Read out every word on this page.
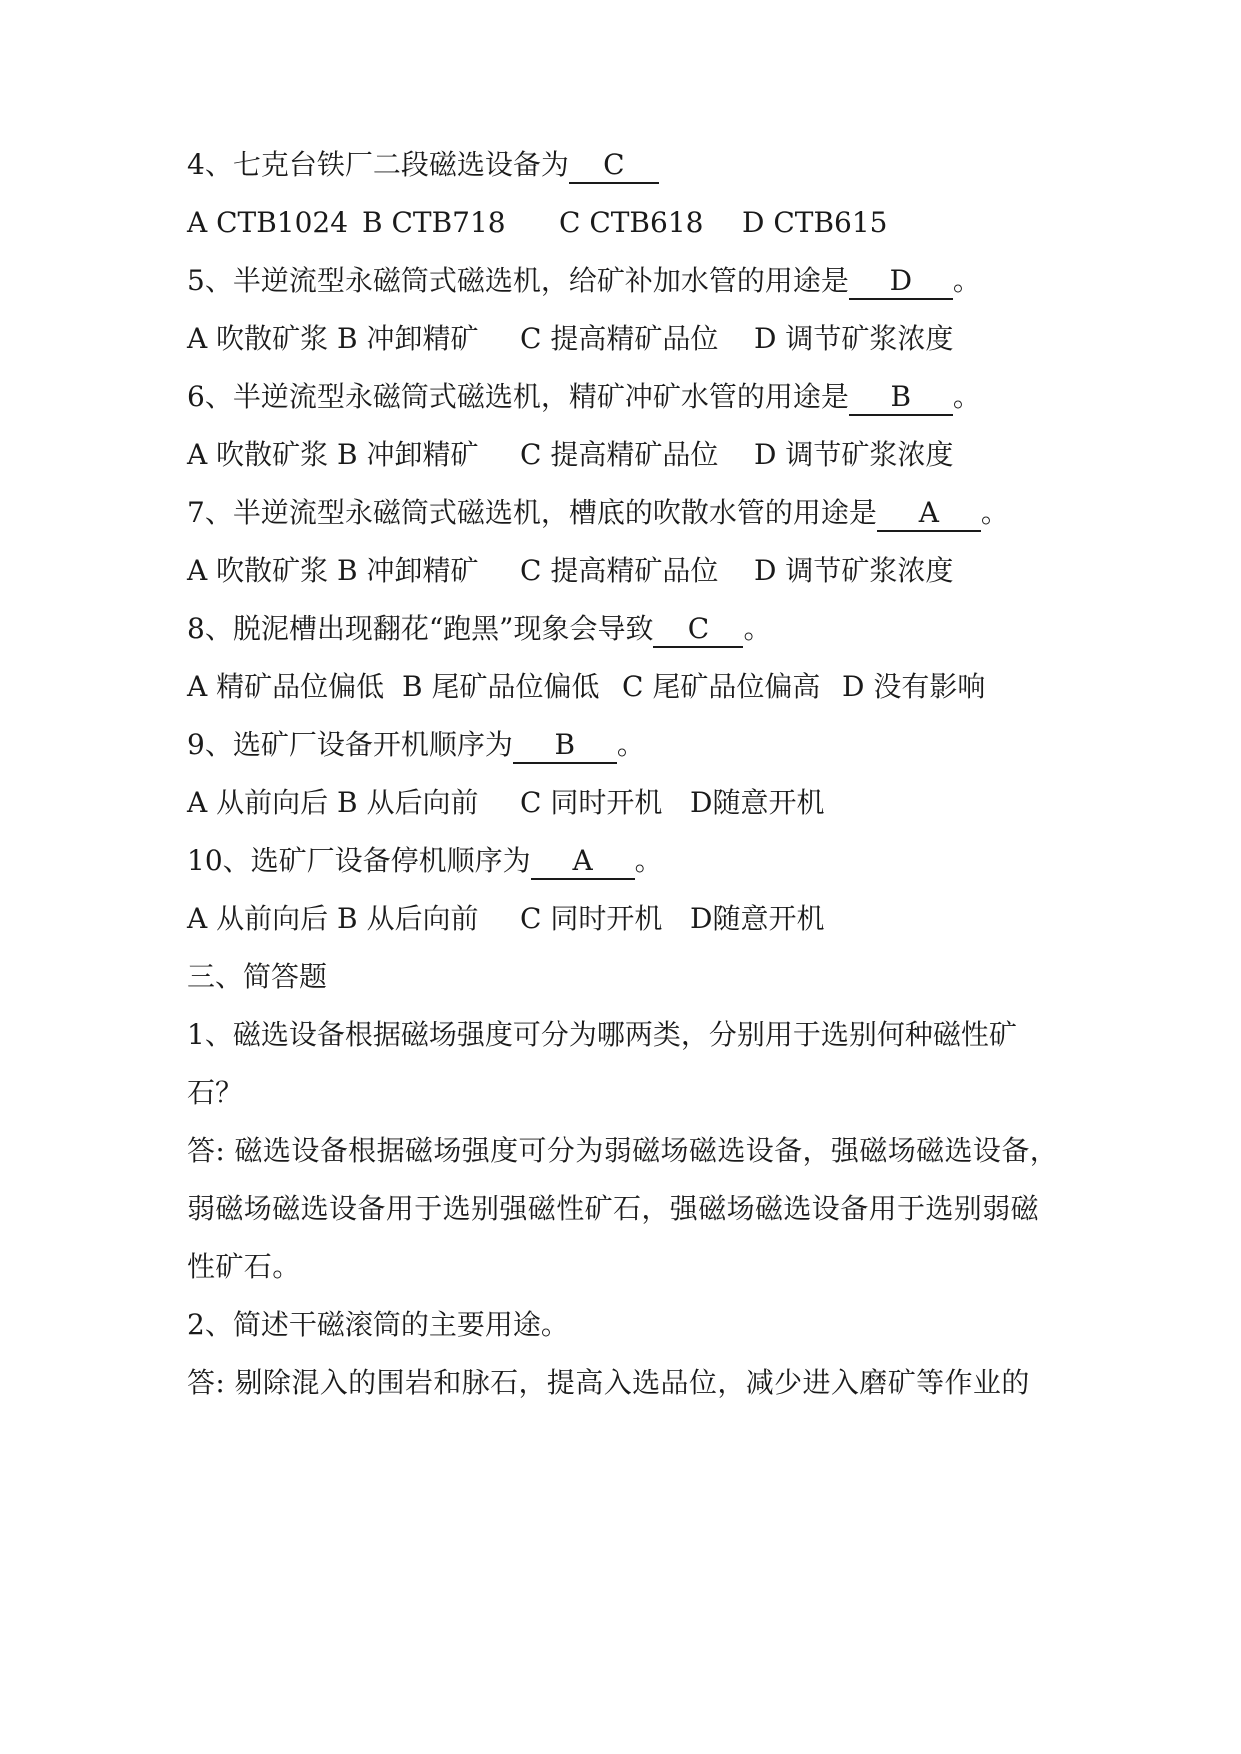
4、七克台铁厂二段磁选设备为 C
A CTB1024 B CTB718 C CTB618 D CTB615
5、半逆流型永磁筒式磁选机，给矿补加水管的用途是 D 。
A 吹散矿浆 B 冲卸精矿 C 提高精矿品位 D 调节矿浆浓度
6、半逆流型永磁筒式磁选机，精矿冲矿水管的用途是 B 。
A 吹散矿浆 B 冲卸精矿 C 提高精矿品位 D 调节矿浆浓度
7、半逆流型永磁筒式磁选机，槽底的吹散水管的用途是 A 。
A 吹散矿浆 B 冲卸精矿 C 提高精矿品位 D 调节矿浆浓度
8、脱泥槽出现翻花“跑黑”现象会导致 C 。
A 精矿品位偏低 B 尾矿品位偏低 C 尾矿品位偏高 D 没有影响
9、选矿厂设备开机顺序为 B 。
A 从前向后 B 从后向前 C 同时开机 D随意开机
10、选矿厂设备停机顺序为 A 。
A 从前向后 B 从后向前 C 同时开机 D随意开机
三、简答题
1、磁选设备根据磁场强度可分为哪两类，分别用于选别何种磁性矿
石？
答: 磁选设备根据磁场强度可分为弱磁场磁选设备，强磁场磁选设备，
弱磁场磁选设备用于选别强磁性矿石，强磁场磁选设备用于选别弱磁
性矿石。
2、简述干磁滚筒的主要用途。
答: 剔除混入的围岩和脉石，提高入选品位，减少进入磨矿等作业的
